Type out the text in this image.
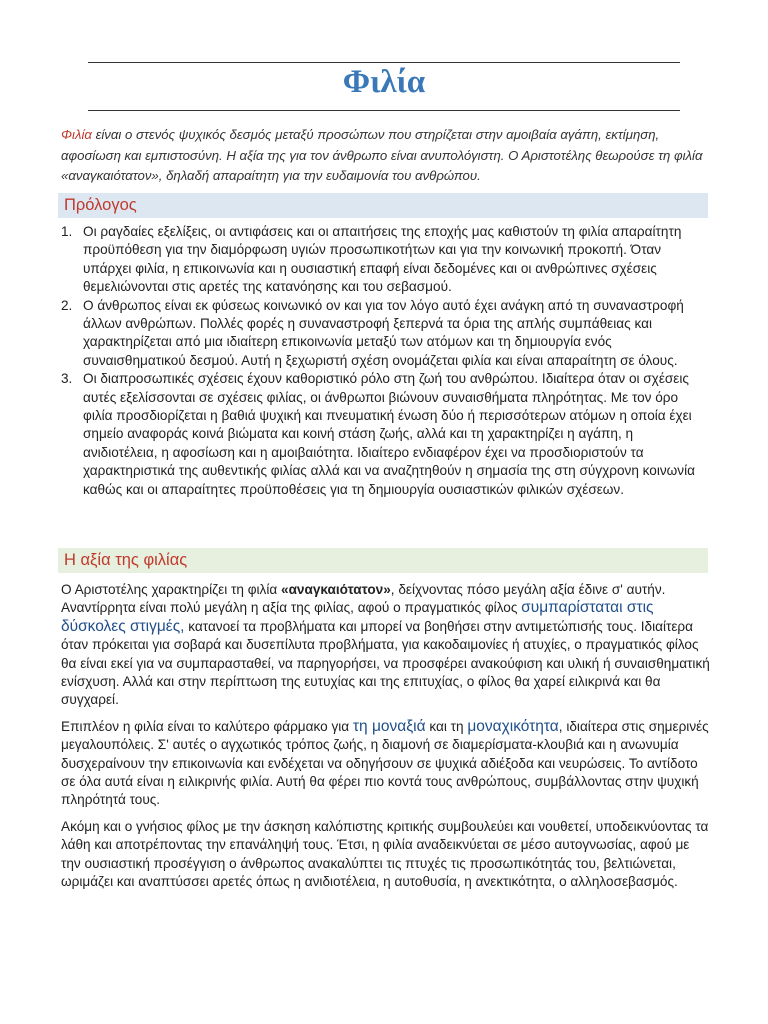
Φιλία
Φιλία είναι ο στενός ψυχικός δεσμός μεταξύ προσώπων που στηρίζεται στην αμοιβαία αγάπη, εκτίμηση, αφοσίωση και εμπιστοσύνη. Η αξία της για τον άνθρωπο είναι ανυπολόγιστη. Ο Αριστοτέλης θεωρούσε τη φιλία «αναγκαιότατον», δηλαδή απαραίτητη για την ευδαιμονία του ανθρώπου.
Πρόλογος
1. Οι ραγδαίες εξελίξεις, οι αντιφάσεις και οι απαιτήσεις της εποχής μας καθιστούν τη φιλία απαραίτητη προϋπόθεση για την διαμόρφωση υγιών προσωπικοτήτων και για την κοινωνική προκοπή. Όταν υπάρχει φιλία, η επικοινωνία και η ουσιαστική επαφή είναι δεδομένες και οι ανθρώπινες σχέσεις θεμελιώνονται στις αρετές της κατανόησης και του σεβασμού.
2. Ο άνθρωπος είναι εκ φύσεως κοινωνικό ον και για τον λόγο αυτό έχει ανάγκη από τη συναναστροφή άλλων ανθρώπων. Πολλές φορές η συναναστροφή ξεπερνά τα όρια της απλής συμπάθειας και χαρακτηρίζεται από μια ιδιαίτερη επικοινωνία μεταξύ των ατόμων και τη δημιουργία ενός συναισθηματικού δεσμού. Αυτή η ξεχωριστή σχέση ονομάζεται φιλία και είναι απαραίτητη σε όλους.
3. Οι διαπροσωπικές σχέσεις έχουν καθοριστικό ρόλο στη ζωή του ανθρώπου. Ιδιαίτερα όταν οι σχέσεις αυτές εξελίσσονται σε σχέσεις φιλίας, οι άνθρωποι βιώνουν συναισθήματα πληρότητας. Με τον όρο φιλία προσδιορίζεται η βαθιά ψυχική και πνευματική ένωση δύο ή περισσότερων ατόμων η οποία έχει σημείο αναφοράς κοινά βιώματα και κοινή στάση ζωής, αλλά και τη χαρακτηρίζει η αγάπη, η ανιδιοτέλεια, η αφοσίωση και η αμοιβαιότητα. Ιδιαίτερο ενδιαφέρον έχει να προσδιοριστούν τα χαρακτηριστικά της αυθεντικής φιλίας αλλά και να αναζητηθούν η σημασία της στη σύγχρονη κοινωνία καθώς και οι απαραίτητες προϋποθέσεις για τη δημιουργία ουσιαστικών φιλικών σχέσεων.
Η αξία της φιλίας

Ο Αριστοτέλης χαρακτηρίζει τη φιλία «αναγκαιότατον», δείχνοντας πόσο μεγάλη αξία έδινε σ' αυτήν. Αναντίρρητα είναι πολύ μεγάλη η αξία της φιλίας, αφού ο πραγματικός φίλος συμπαρίσταται στις δύσκολες στιγμές, κατανοεί τα προβλήματα και μπορεί να βοηθήσει στην αντιμετώπισής τους. Ιδιαίτερα όταν πρόκειται για σοβαρά και δυσεπίλυτα προβλήματα, για κακοδαιμονίες ή ατυχίες, ο πραγματικός φίλος θα είναι εκεί για να συμπαρασταθεί, να παρηγορήσει, να προσφέρει ανακούφιση και υλική ή συναισθηματική ενίσχυση. Αλλά και στην περίπτωση της ευτυχίας και της επιτυχίας, ο φίλος θα χαρεί ειλικρινά και θα συγχαρεί.

Επιπλέον η φιλία είναι το καλύτερο φάρμακο για τη μοναξιά και τη μοναχικότητα, ιδιαίτερα στις σημερινές μεγαλουπόλεις. Σ' αυτές ο αγχωτικός τρόπος ζωής, η διαμονή σε διαμερίσματα-κλουβιά και η ανωνυμία δυσχεραίνουν την επικοινωνία και ενδέχεται να οδηγήσουν σε ψυχικά αδιέξοδα και νευρώσεις. Το αντίδοτο σε όλα αυτά είναι η ειλικρινής φιλία. Αυτή θα φέρει πιο κοντά τους ανθρώπους, συμβάλλοντας στην ψυχική πληρότητά τους.

Ακόμη και ο γνήσιος φίλος με την άσκηση καλόπιστης κριτικής συμβουλεύει και νουθετεί, υποδεικνύοντας τα λάθη και αποτρέποντας την επανάληψή τους. Έτσι, η φιλία αναδεικνύεται σε μέσο αυτογνωσίας, αφού με την ουσιαστική προσέγγιση ο άνθρωπος ανακαλύπτει τις πτυχές τις προσωπικότητάς του, βελτιώνεται, ωριμάζει και αναπτύσσει αρετές όπως η ανιδιοτέλεια, η αυτοθυσία, η ανεκτικότητα, ο αλληλοσεβασμός.
